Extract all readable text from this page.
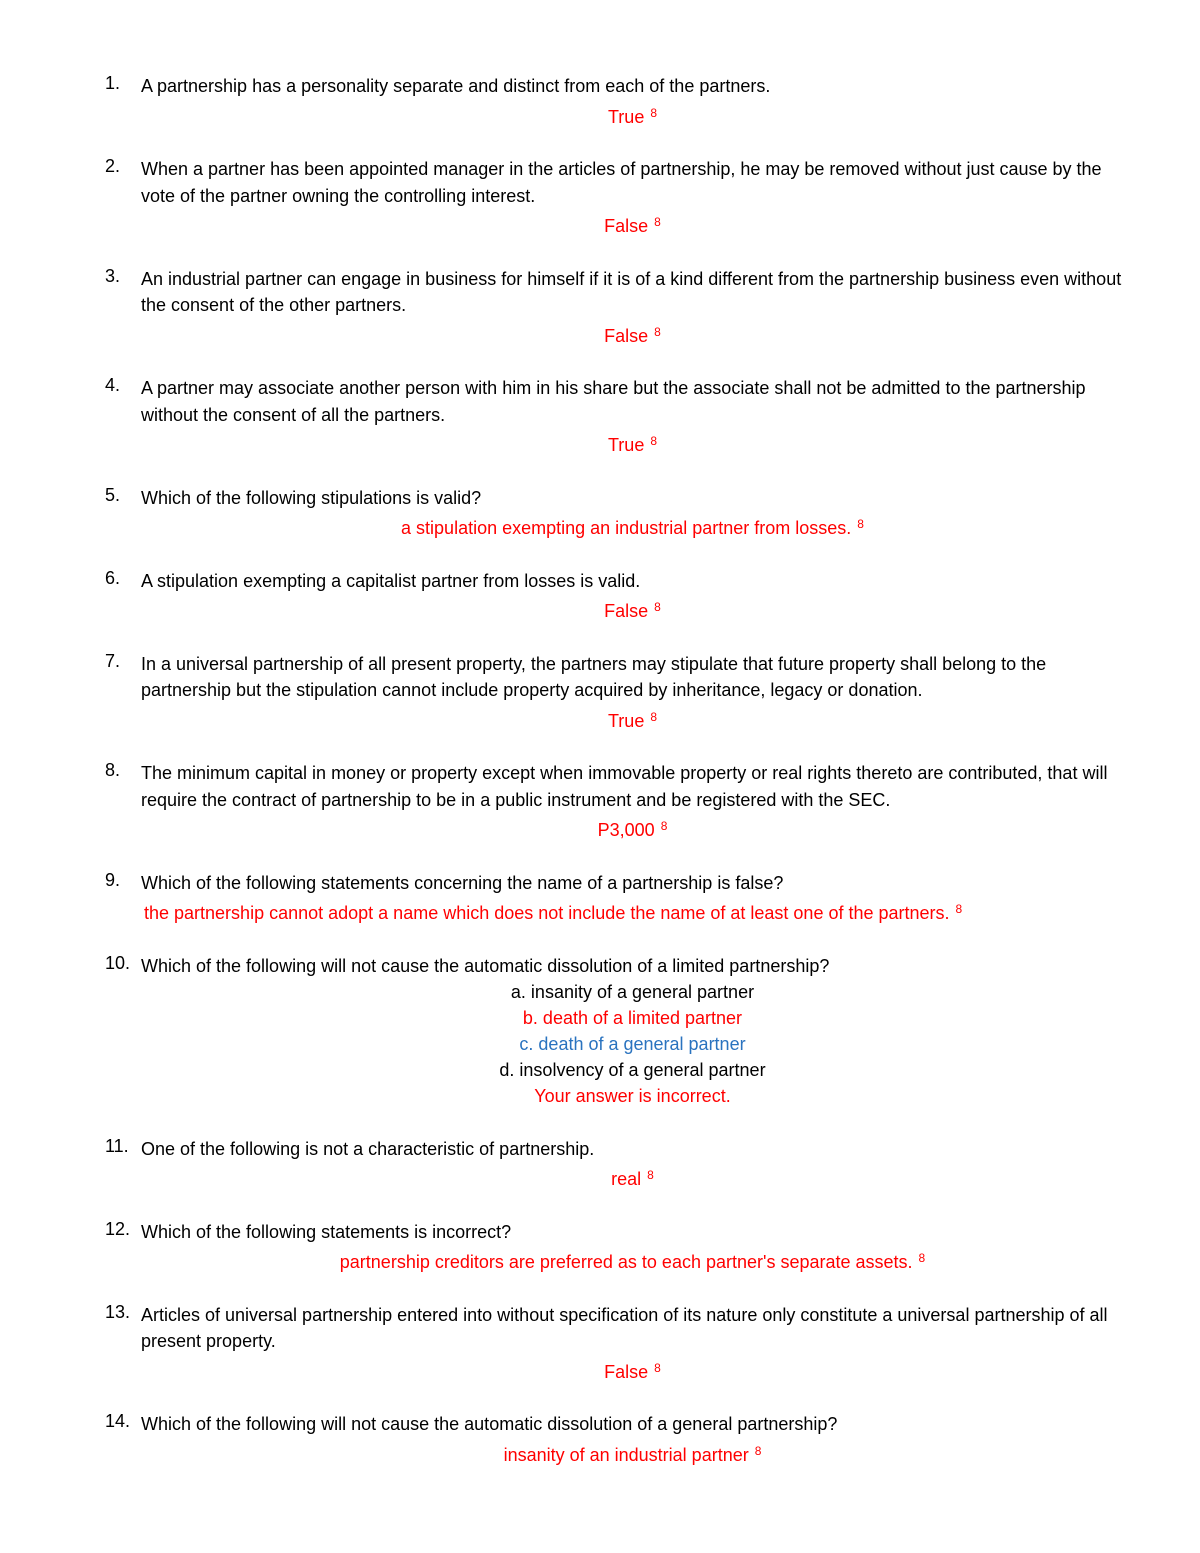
1.	A partnership has a personality separate and distinct from each of the partners.
True $^8$
2.	When a partner has been appointed manager in the articles of partnership, he may be removed without just cause by the vote of the partner owning the controlling interest.
False $^8$
3.	An industrial partner can engage in business for himself if it is of a kind different from the partnership business even without the consent of the other partners.
False $^8$
4.	A partner may associate another person with him in his share but the associate shall not be admitted to the partnership without the consent of all the partners.
True $^8$
5.	Which of the following stipulations is valid?
a stipulation exempting an industrial partner from losses. $^8$
6.	A stipulation exempting a capitalist partner from losses is valid.
False $^8$
7.	In a universal partnership of all present property, the partners may stipulate that future property shall belong to the partnership but the stipulation cannot include property acquired by inheritance, legacy or donation.
True $^8$
8.	The minimum capital in money or property except when immovable property or real rights thereto are contributed, that will require the contract of partnership to be in a public instrument and be registered with the SEC.
P3,000 $^8$
9.	Which of the following statements concerning the name of a partnership is false?
the partnership cannot adopt a name which does not include the name of at least one of the partners. $^8$
10. Which of the following will not cause the automatic dissolution of a limited partnership?
a. insanity of a general partner
b. death of a limited partner
c. death of a general partner
d. insolvency of a general partner
Your answer is incorrect.
11. One of the following is not a characteristic of partnership.
real $^8$
12. Which of the following statements is incorrect?
partnership creditors are preferred as to each partner's separate assets. $^8$
13. Articles of universal partnership entered into without specification of its nature only constitute a universal partnership of all present property.
False $^8$
14. Which of the following will not cause the automatic dissolution of a general partnership?
insanity of an industrial partner $^8$
